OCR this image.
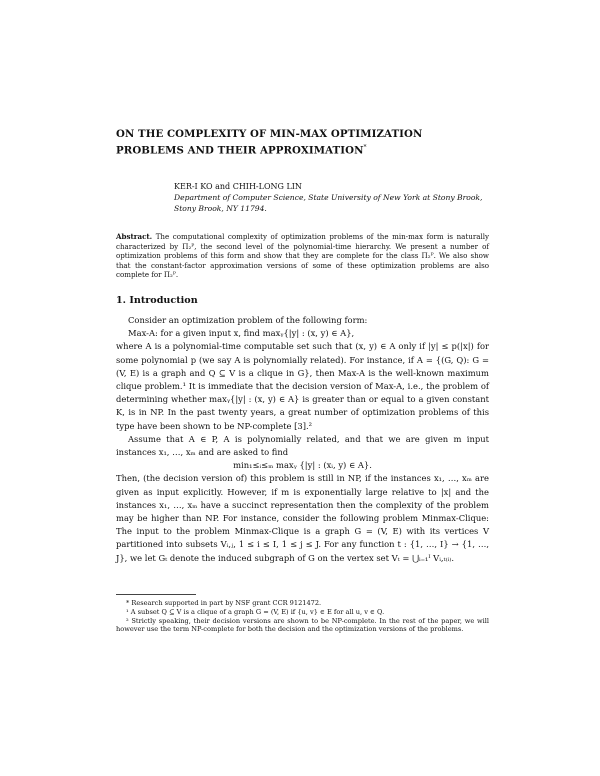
ON THE COMPLEXITY OF MIN-MAX OPTIMIZATION
PROBLEMS AND THEIR APPROXIMATION*
KER-I KO and CHIH-LONG LIN
Department of Computer Science, State University of New York at Stony Brook,
Stony Brook, NY 11794.
Abstract. The computational complexity of optimization problems of the min-max form is naturally characterized by Π₂ᴾ, the second level of the polynomial-time hierarchy. We present a number of optimization problems of this form and show that they are complete for the class Π₂ᴾ. We also show that the constant-factor approximation versions of some of these optimization problems are also complete for Π₂ᴾ.
1. Introduction

Consider an optimization problem of the following form:

Max-A: for a given input x, find maxᵧ{|y| : (x, y) ∈ A},

where A is a polynomial-time computable set such that (x, y) ∈ A only if |y| ≤ p(|x|) for some polynomial p (we say A is polynomially related). For instance, if A = {(G, Q): G = (V, E) is a graph and Q ⊆ V is a clique in G}, then Max-A is the well-known maximum clique problem.¹ It is immediate that the decision version of Max-A, i.e., the problem of determining whether maxᵧ{|y| : (x, y) ∈ A} is greater than or equal to a given constant K, is in NP. In the past twenty years, a great number of optimization problems of this type have been shown to be NP-complete [3].²

Assume that A ∈ P, A is polynomially related, and that we are given m input instances x₁, …, xₘ and are asked to find

min₁≤ᵢ≤ₘ maxᵧ {|y| : (xᵢ, y) ∈ A}.

Then, (the decision version of) this problem is still in NP, if the instances x₁, …, xₘ are given as input explicitly. However, if m is exponentially large relative to |x| and the instances x₁, …, xₘ have a succinct representation then the complexity of the problem may be higher than NP. For instance, consider the following problem Minmax-Clique: The input to the problem Minmax-Clique is a graph G = (V, E) with its vertices V partitioned into subsets Vᵢ,ⱼ, 1 ≤ i ≤ I, 1 ≤ j ≤ J. For any function t : {1, …, I} → {1, …, J}, we let Gₜ denote the induced subgraph of G on the vertex set Vₜ = ⋃ᵢ₌₁ᴵ Vᵢ,ₜ₍ᵢ₎.

* Research supported in part by NSF grant CCR 9121472.

¹ A subset Q ⊆ V is a clique of a graph G = (V, E) if {u, v} ∈ E for all u, v ∈ Q.

² Strictly speaking, their decision versions are shown to be NP-complete. In the rest of the paper, we will however use the term NP-complete for both the decision and the optimization versions of the problems.
